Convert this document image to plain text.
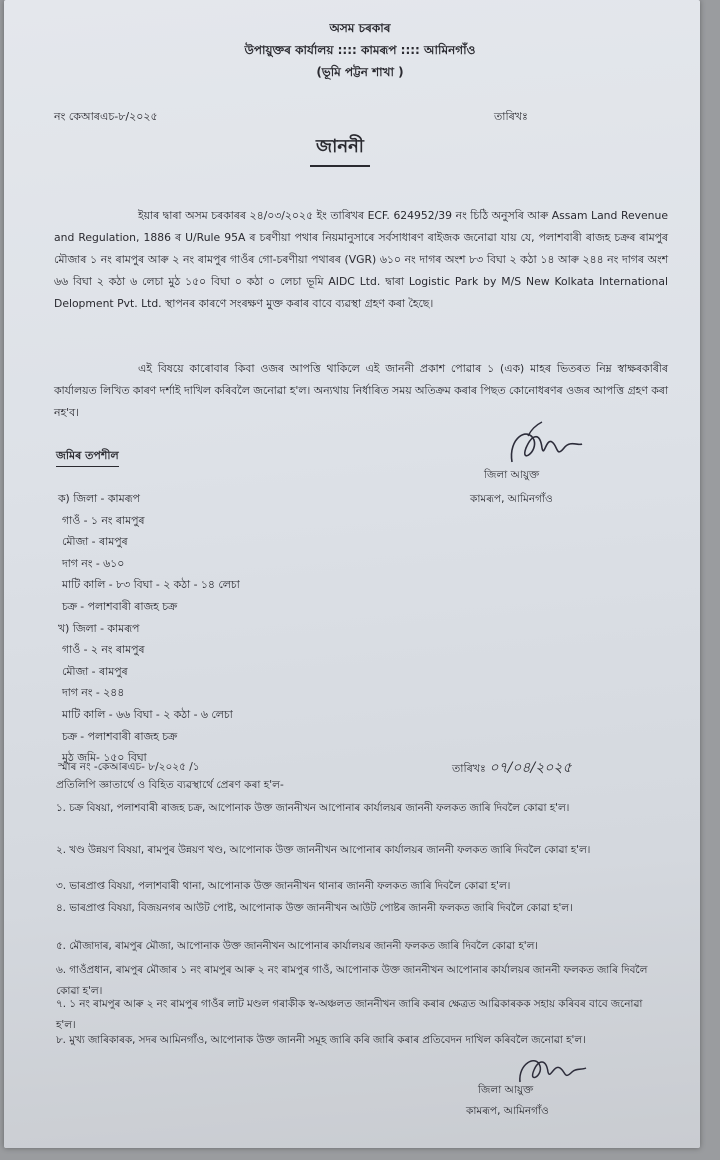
অসম চৰকাৰ
উপায়ুক্তৰ কাৰ্যালয় :::: কামৰূপ :::: আমিনগাঁও
(ভূমি পট্টন শাখা )
নং কেআৰএচ-৮/২০২৫	তাৰিখঃ
জাননী
ইয়াৰ দ্বাৰা অসম চৰকাৰৰ ২৪/০৩/২০২৫ ইং তাৰিখৰ ECF. 624952/39 নং চিঠি অনুসৰি আৰু Assam Land Revenue and Regulation, 1886 ৰ U/Rule 95A ৰ চৰণীয়া পথাৰ নিয়মানুসাৰে সৰ্বসাধাৰণ ৰাইজক জনোৱা যায় যে, পলাশবাৰী ৰাজহ চক্ৰৰ ৰামপুৰ মৌজাৰ ১ নং ৰামপুৰ আৰু ২ নং ৰামপুৰ গাওঁৰ গো-চৰণীয়া পথাৰৰ (VGR) ৬১০ নং দাগৰ অংশ ৮৩ বিঘা ২ কঠা ১৪ আৰু ২৪৪ নং দাগৰ অংশ ৬৬ বিঘা ২ কঠা ৬ লেচা মুঠ ১৫০ বিঘা ০ কঠা ০ লেচা ভূমি AIDC Ltd. দ্বাৰা Logistic Park by M/S New Kolkata International Delopment Pvt. Ltd. স্থাপনৰ কাৰণে সংৰক্ষণ মুক্ত কৰাৰ বাবে ব্যৱস্থা গ্ৰহণ কৰা হৈছে।
এই বিষয়ে কাৰোবাৰ কিবা ওজৰ আপত্তি থাকিলে এই জাননী প্ৰকাশ পোৱাৰ ১ (এক) মাহৰ ভিতৰত নিম্ন স্বাক্ষৰকাৰীৰ কাৰ্যালয়ত লিখিত কাৰণ দৰ্শাই দাখিল কৰিবলৈ জনোৱা হ'ল। অন্যথায় নিৰ্ধাৰিত সময় অতিক্ৰম কৰাৰ পিছত কোনোধৰণৰ ওজৰ আপত্তি গ্ৰহণ কৰা নহ'ব।
জমিৰ তপশীল
জিলা আয়ুক্ত
কামৰূপ, আমিনগাঁও
ক) জিলা - কামৰূপ
গাওঁ - ১ নং ৰামপুৰ
মৌজা - ৰামপুৰ
দাগ নং - ৬১০
মাটি কালি - ৮৩ বিঘা - ২ কঠা - ১৪ লেচা
চক্ৰ - পলাশবাৰী ৰাজহ চক্ৰ
খ) জিলা - কামৰূপ
গাওঁ - ২ নং ৰামপুৰ
মৌজা - ৰামপুৰ
দাগ নং - ২৪৪
মাটি কালি - ৬৬ বিঘা - ২ কঠা - ৬ লেচা
চক্ৰ - পলাশবাৰী ৰাজহ চক্ৰ
মুঠ জমি- ১৫০ বিঘা
স্মাৰ নং -কেআৰএচ- ৮/২০২৫ /১	তাৰিখঃ ০৭/০৪/২০২৫
প্ৰতিলিপি জ্ঞাতাৰ্থে ও বিহিত ব্যৱস্থাৰ্থে প্ৰেৰণ কৰা হ'ল-
১. চক্ৰ বিষয়া, পলাশবাৰী ৰাজহ চক্ৰ, আপোনাক উক্ত জাননীখন আপোনাৰ কাৰ্যালয়ৰ জাননী ফলকত জাৰি দিবলৈ কোৱা হ'ল।
২. খণ্ড উন্নয়ণ বিষয়া, ৰামপুৰ উন্নয়ণ খণ্ড, আপোনাক উক্ত জাননীখন আপোনাৰ কাৰ্যালয়ৰ জাননী ফলকত জাৰি দিবলৈ কোৱা হ'ল।
৩. ভাৰপ্ৰাপ্ত বিষয়া, পলাশবাৰী থানা, আপোনাক উক্ত জাননীখন থানাৰ জাননী ফলকত জাৰি দিবলৈ কোৱা হ'ল।
৪. ভাৰপ্ৰাপ্ত বিষয়া, বিজয়নগৰ আউট পোষ্ট, আপোনাক উক্ত জাননীখন আউট পোষ্টৰ জাননী ফলকত জাৰি দিবলৈ কোৱা হ'ল।
৫. মৌজাদাৰ, ৰামপুৰ মৌজা, আপোনাক উক্ত জাননীখন আপোনাৰ কাৰ্যালয়ৰ জাননী ফলকত জাৰি দিবলৈ কোৱা হ'ল।
৬. গাওঁপ্ৰধান, ৰামপুৰ মৌজাৰ ১ নং ৰামপুৰ আৰু ২ নং ৰামপুৰ গাওঁ, আপোনাক উক্ত জাননীখন আপোনাৰ কাৰ্যালয়ৰ জাননী ফলকত জাৰি দিবলৈ কোৱা হ'ল।
৭. ১ নং ৰামপুৰ আৰু ২ নং ৰামপুৰ গাওঁৰ লাট মণ্ডল গৰাকীক স্ব-অঞ্চলত জাননীখন জাৰি কৰাৰ ক্ষেত্ৰত আৱিকাৰকক সহায় কৰিবৰ বাবে জনোৱা হ'ল।
৮. মুখ্য জাৰিকাৰক, সদৰ আমিনগাঁও, আপোনাক উক্ত জাননী সমূহ জাৰি কৰি জাৰি কৰাৰ প্ৰতিবেদন দাখিল কৰিবলৈ জনোৱা হ'ল।
জিলা আয়ুক্ত
কামৰূপ, আমিনগাঁও
